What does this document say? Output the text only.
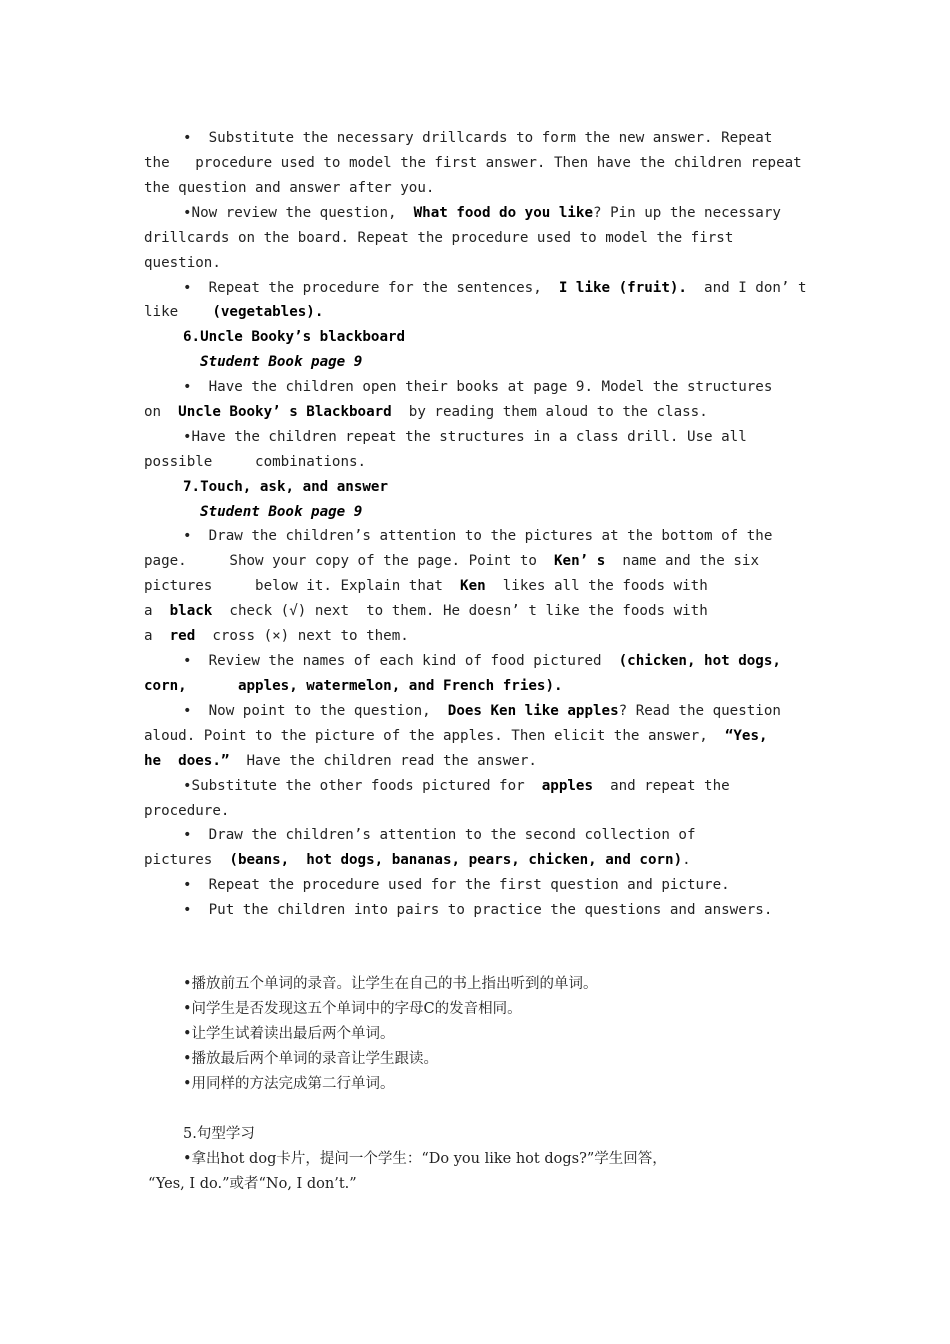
•  Substitute the necessary drillcards to form the new answer. Repeat
the   procedure used to model the first answer. Then have the children repeat
the question and answer after you.
•Now review the question,  What food do you like? Pin up the necessary
drillcards on the board. Repeat the procedure used to model the first
question.
•  Repeat the procedure for the sentences,  I like (fruit).  and I don’ t
like    (vegetables).
6.Uncle Booky’s blackboard
Student Book page 9
•  Have the children open their books at page 9. Model the structures
on  Uncle Booky’ s Blackboard  by reading them aloud to the class.
•Have the children repeat the structures in a class drill. Use all
possible     combinations.
7.Touch, ask, and answer
Student Book page 9
•  Draw the children’s attention to the pictures at the bottom of the
page.     Show your copy of the page. Point to  Ken’ s  name and the six
pictures     below it. Explain that  Ken  likes all the foods with
a  black  check (√) next  to them. He doesn’ t like the foods with
a  red  cross (×) next to them.
•  Review the names of each kind of food pictured  (chicken, hot dogs,
corn,      apples, watermelon, and French fries).
•  Now point to the question,  Does Ken like apples? Read the question
aloud. Point to the picture of the apples. Then elicit the answer,  “Yes,
he  does.”  Have the children read the answer.
•Substitute the other foods pictured for  apples  and repeat the
procedure.
•  Draw the children’s attention to the second collection of
pictures  (beans,  hot dogs, bananas, pears, chicken, and corn).
•  Repeat the procedure used for the first question and picture.
•  Put the children into pairs to practice the questions and answers.
•播放前五个单词的录音。让学生在自己的书上指出听到的单词。
•问学生是否发现这五个单词中的字母C的发音相同。
•让学生试着读出最后两个单词。
•播放最后两个单词的录音让学生跟读。
•用同样的方法完成第二行单词。
5.句型学习
•拿出hot dog卡片，提问一个学生：“Do you like hot dogs?”学生回答，
“Yes, I do.”或者“No, I don’t.”
